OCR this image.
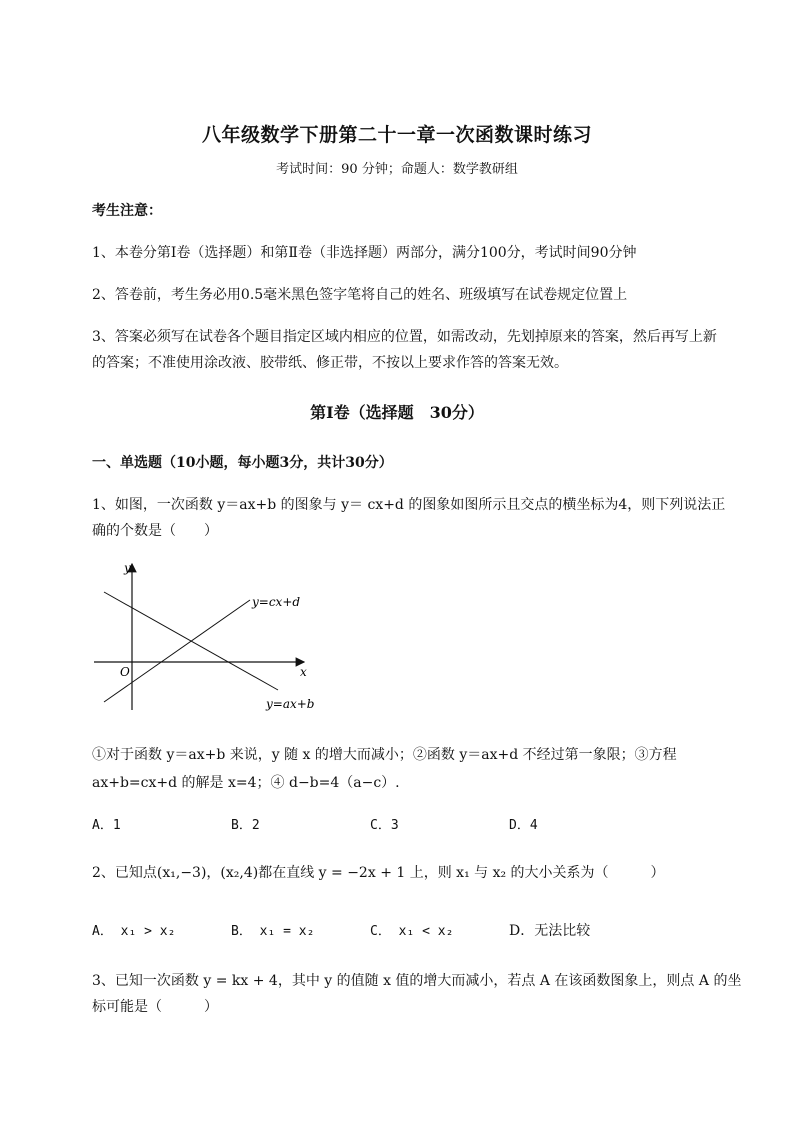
八年级数学下册第二十一章一次函数课时练习
考试时间：90 分钟；命题人：数学教研组
考生注意：
1、本卷分第Ⅰ卷（选择题）和第Ⅱ卷（非选择题）两部分，满分100分，考试时间90分钟
2、答卷前，考生务必用0.5毫米黑色签字笔将自己的姓名、班级填写在试卷规定位置上
3、答案必须写在试卷各个题目指定区域内相应的位置，如需改动，先划掉原来的答案，然后再写上新
的答案；不准使用涂改液、胶带纸、修正带，不按以上要求作答的答案无效。
第Ⅰ卷（选择题　30分）
一、单选题（10小题，每小题3分，共计30分）
1、如图，一次函数 y＝ax+b 的图象与 y＝ cx+d 的图象如图所示且交点的横坐标为4，则下列说法正
确的个数是（　　）
y
x
O
y=cx+d
y=ax+b
①对于函数 y＝ax+b 来说，y 随 x 的增大而减小；②函数 y＝ax+d 不经过第一象限；③方程
ax+b=cx+d 的解是 x=4；④ d−b=4（a−c）.
A．1	B．2	C．3	D．4
2、已知点(x₁,−3)，(x₂,4)都在直线 y = −2x + 1 上，则 x₁ 与 x₂ 的大小关系为（　　　）
A． x₁ > x₂	B． x₁ = x₂	C． x₁ < x₂	D．无法比较
3、已知一次函数 y = kx + 4，其中 y 的值随 x 值的增大而减小，若点 A 在该函数图象上，则点 A 的坐
标可能是（　　　）
